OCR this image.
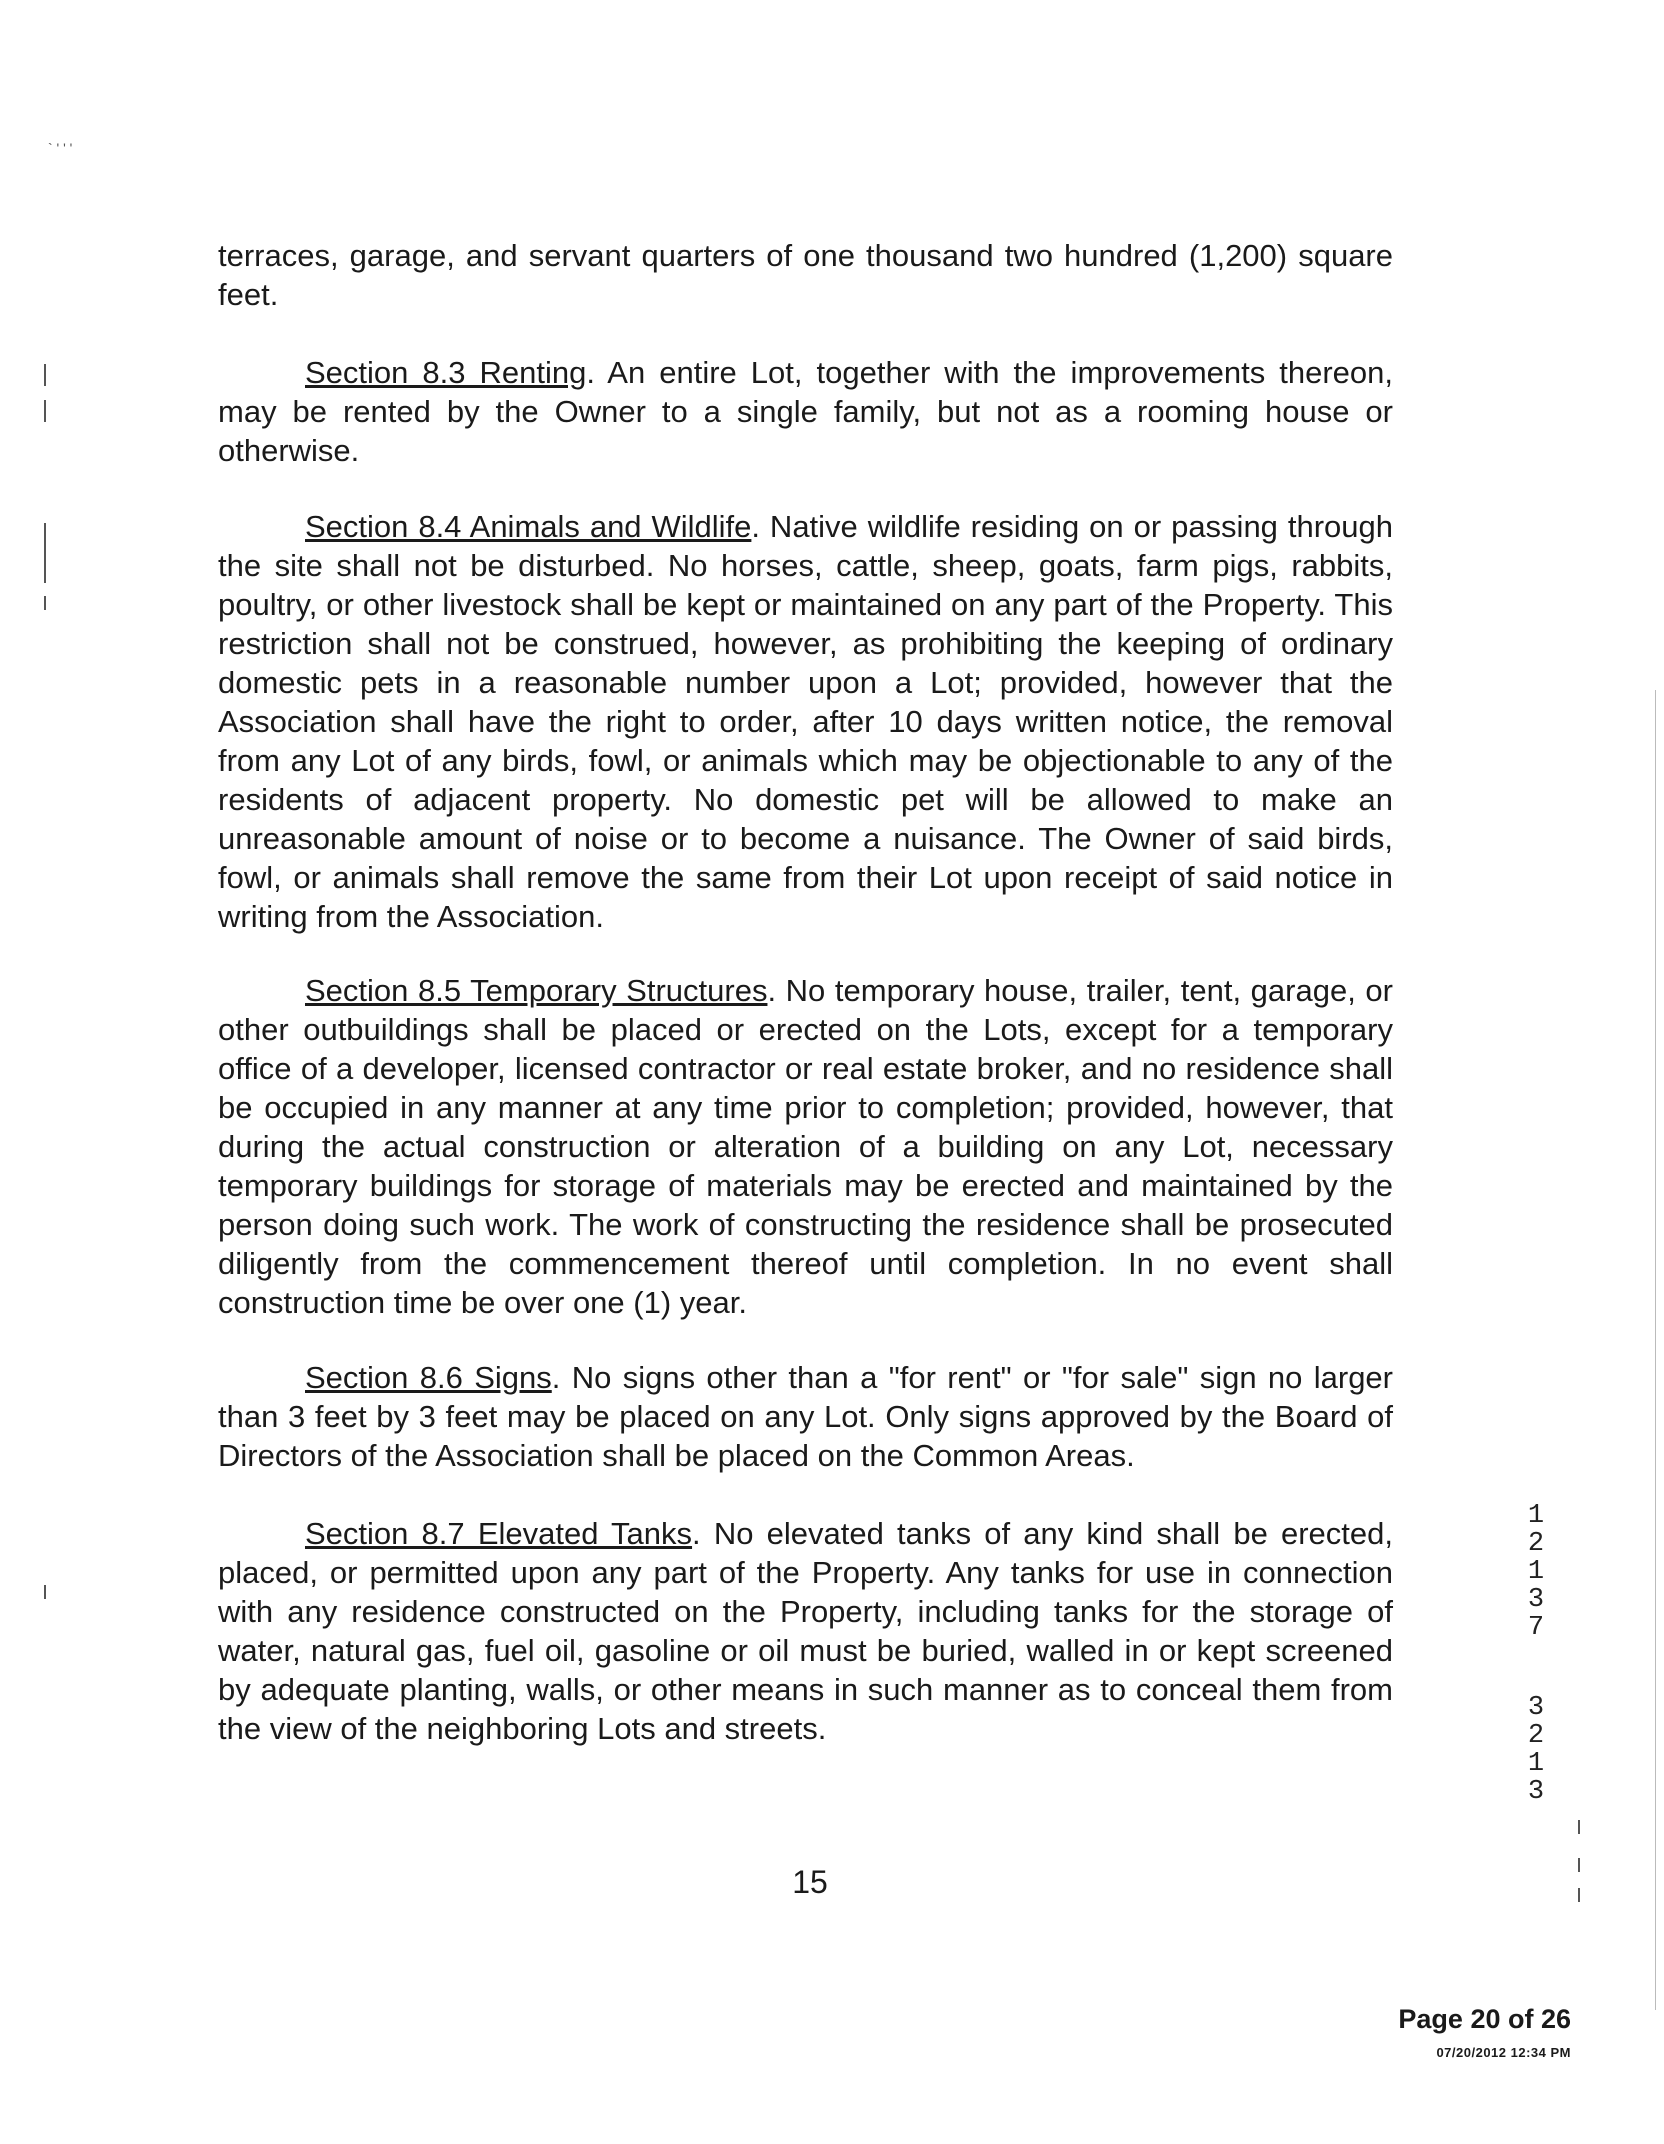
` ' ' '

terraces, garage, and servant quarters of one thousand two hundred (1,200) square feet.

Section 8.3 Renting. An entire Lot, together with the improvements thereon, may be rented by the Owner to a single family, but not as a rooming house or otherwise.

Section 8.4 Animals and Wildlife. Native wildlife residing on or passing through the site shall not be disturbed. No horses, cattle, sheep, goats, farm pigs, rabbits, poultry, or other livestock shall be kept or maintained on any part of the Property. This restriction shall not be construed, however, as prohibiting the keeping of ordinary domestic pets in a reasonable number upon a Lot; provided, however that the Association shall have the right to order, after 10 days written notice, the removal from any Lot of any birds, fowl, or animals which may be objectionable to any of the residents of adjacent property. No domestic pet will be allowed to make an unreasonable amount of noise or to become a nuisance. The Owner of said birds, fowl, or animals shall remove the same from their Lot upon receipt of said notice in writing from the Association.

Section 8.5 Temporary Structures. No temporary house, trailer, tent, garage, or other outbuildings shall be placed or erected on the Lots, except for a temporary office of a developer, licensed contractor or real estate broker, and no residence shall be occupied in any manner at any time prior to completion; provided, however, that during the actual construction or alteration of a building on any Lot, necessary temporary buildings for storage of materials may be erected and maintained by the person doing such work. The work of constructing the residence shall be prosecuted diligently from the commencement thereof until completion. In no event shall construction time be over one (1) year.

Section 8.6 Signs. No signs other than a "for rent" or "for sale" sign no larger than 3 feet by 3 feet may be placed on any Lot. Only signs approved by the Board of Directors of the Association shall be placed on the Common Areas.

Section 8.7 Elevated Tanks. No elevated tanks of any kind shall be erected, placed, or permitted upon any part of the Property. Any tanks for use in connection with any residence constructed on the Property, including tanks for the storage of water, natural gas, fuel oil, gasoline or oil must be buried, walled in or kept screened by adequate planting, walls, or other means in such manner as to conceal them from the view of the neighboring Lots and streets.

1
2
1
3
7
3
2
1
3
15
Page 20 of 26
07/20/2012 12:34 PM
